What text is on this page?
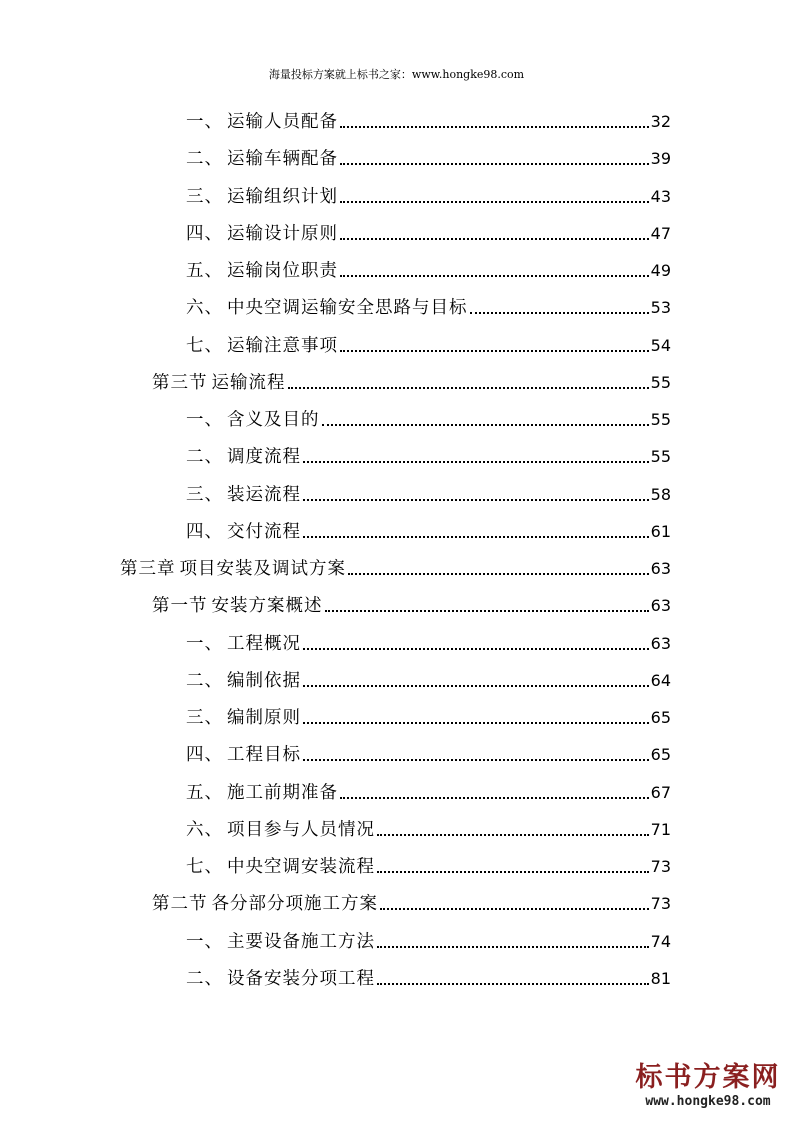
海量投标方案就上标书之家：www.hongke98.com
一、 运输人员配备	32
二、 运输车辆配备	39
三、 运输组织计划	43
四、 运输设计原则	47
五、 运输岗位职责	49
六、 中央空调运输安全思路与目标	53
七、 运输注意事项	54
第三节 运输流程	55
一、 含义及目的	55
二、 调度流程	55
三、 装运流程	58
四、 交付流程	61
第三章 项目安装及调试方案	63
第一节 安装方案概述	63
一、 工程概况	63
二、 编制依据	64
三、 编制原则	65
四、 工程目标	65
五、 施工前期准备	67
六、 项目参与人员情况	71
七、 中央空调安装流程	73
第二节 各分部分项施工方案	73
一、 主要设备施工方法	74
二、 设备安装分项工程	81
标书方案网
www.hongke98.com
